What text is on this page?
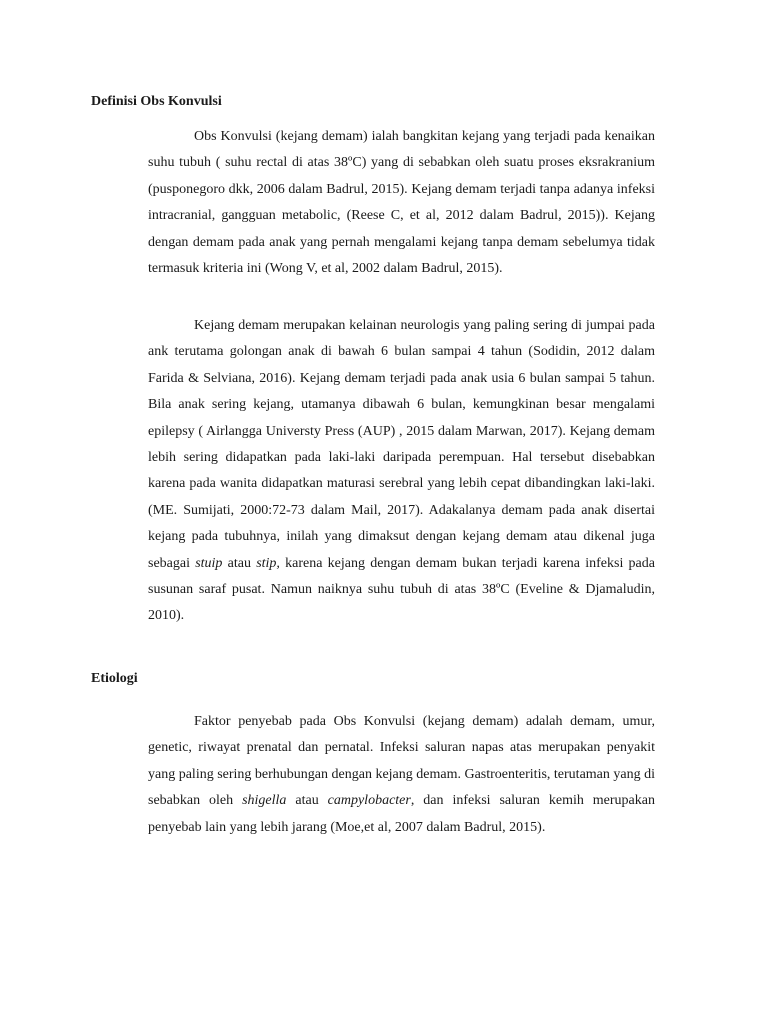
Definisi Obs Konvulsi

Obs Konvulsi (kejang demam) ialah bangkitan kejang yang terjadi pada kenaikan suhu tubuh ( suhu rectal di atas 38ºC) yang di sebabkan oleh suatu proses eksrakranium (pusponegoro dkk, 2006 dalam Badrul, 2015). Kejang demam terjadi tanpa adanya infeksi intracranial, gangguan metabolic, (Reese C, et al, 2012 dalam Badrul, 2015)). Kejang dengan demam pada anak yang pernah mengalami kejang tanpa demam sebelumya tidak termasuk kriteria ini (Wong V, et al, 2002 dalam Badrul, 2015).

Kejang demam merupakan kelainan neurologis yang paling sering di jumpai pada ank terutama golongan anak di bawah 6 bulan sampai 4 tahun (Sodidin, 2012 dalam Farida & Selviana, 2016). Kejang demam terjadi pada anak usia 6 bulan sampai 5 tahun. Bila anak sering kejang, utamanya dibawah 6 bulan, kemungkinan besar mengalami epilepsy ( Airlangga Universty Press (AUP) , 2015 dalam Marwan, 2017). Kejang demam lebih sering didapatkan pada laki-laki daripada perempuan. Hal tersebut disebabkan karena pada wanita didapatkan maturasi serebral yang lebih cepat dibandingkan laki-laki. (ME. Sumijati, 2000:72-73 dalam Mail, 2017). Adakalanya demam pada anak disertai kejang pada tubuhnya, inilah yang dimaksut dengan kejang demam atau dikenal juga sebagai stuip atau stip, karena kejang dengan demam bukan terjadi karena infeksi pada susunan saraf pusat. Namun naiknya suhu tubuh di atas 38ºC (Eveline & Djamaludin, 2010).

Etiologi

Faktor penyebab pada Obs Konvulsi (kejang demam) adalah demam, umur, genetic, riwayat prenatal dan pernatal. Infeksi saluran napas atas merupakan penyakit yang paling sering berhubungan dengan kejang demam. Gastroenteritis, terutaman yang di sebabkan oleh shigella atau campylobacter, dan infeksi saluran kemih merupakan penyebab lain yang lebih jarang (Moe,et al, 2007 dalam Badrul, 2015).
